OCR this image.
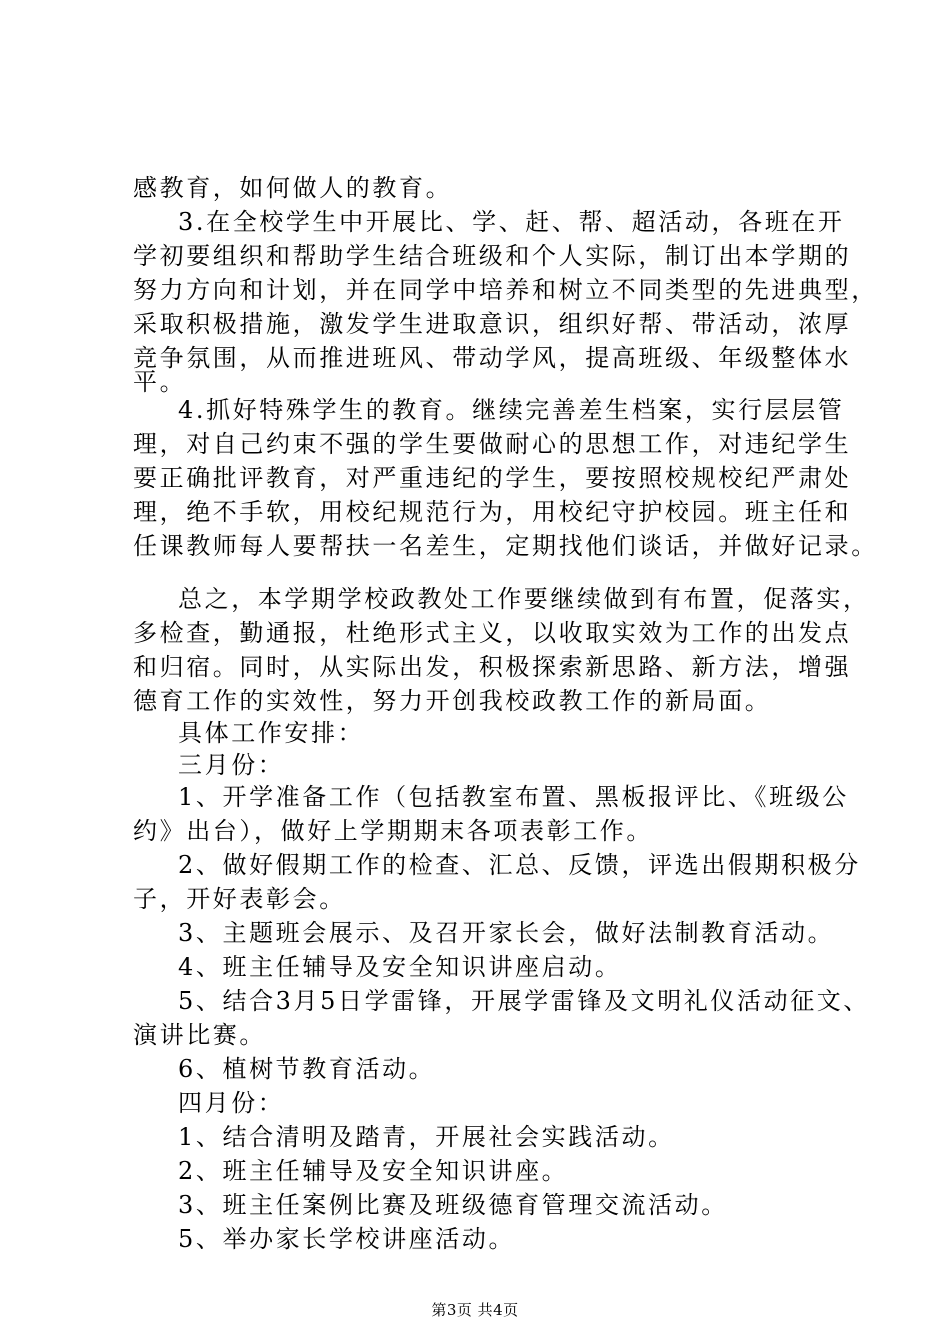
感教育，如何做人的教育。
3.在全校学生中开展比、学、赶、帮、超活动，各班在开
学初要组织和帮助学生结合班级和个人实际，制订出本学期的
努力方向和计划，并在同学中培养和树立不同类型的先进典型，
采取积极措施，激发学生进取意识，组织好帮、带活动，浓厚
竞争氛围，从而推进班风、带动学风，提高班级、年级整体水
平。
4.抓好特殊学生的教育。继续完善差生档案，实行层层管
理，对自己约束不强的学生要做耐心的思想工作，对违纪学生
要正确批评教育，对严重违纪的学生，要按照校规校纪严肃处
理，绝不手软，用校纪规范行为，用校纪守护校园。班主任和
任课教师每人要帮扶一名差生，定期找他们谈话，并做好记录。
总之，本学期学校政教处工作要继续做到有布置，促落实，
多检查，勤通报，杜绝形式主义，以收取实效为工作的出发点
和归宿。同时，从实际出发，积极探索新思路、新方法，增强
德育工作的实效性，努力开创我校政教工作的新局面。
具体工作安排：
三月份：
1、开学准备工作（包括教室布置、黑板报评比、《班级公
约》出台），做好上学期期末各项表彰工作。
2、做好假期工作的检查、汇总、反馈，评选出假期积极分
子，开好表彰会。
3、主题班会展示、及召开家长会，做好法制教育活动。
4、班主任辅导及安全知识讲座启动。
5、结合3月5日学雷锋，开展学雷锋及文明礼仪活动征文、
演讲比赛。
6、植树节教育活动。
四月份：
1、结合清明及踏青，开展社会实践活动。
2、班主任辅导及安全知识讲座。
3、班主任案例比赛及班级德育管理交流活动。
5、举办家长学校讲座活动。
第3页 共4页
